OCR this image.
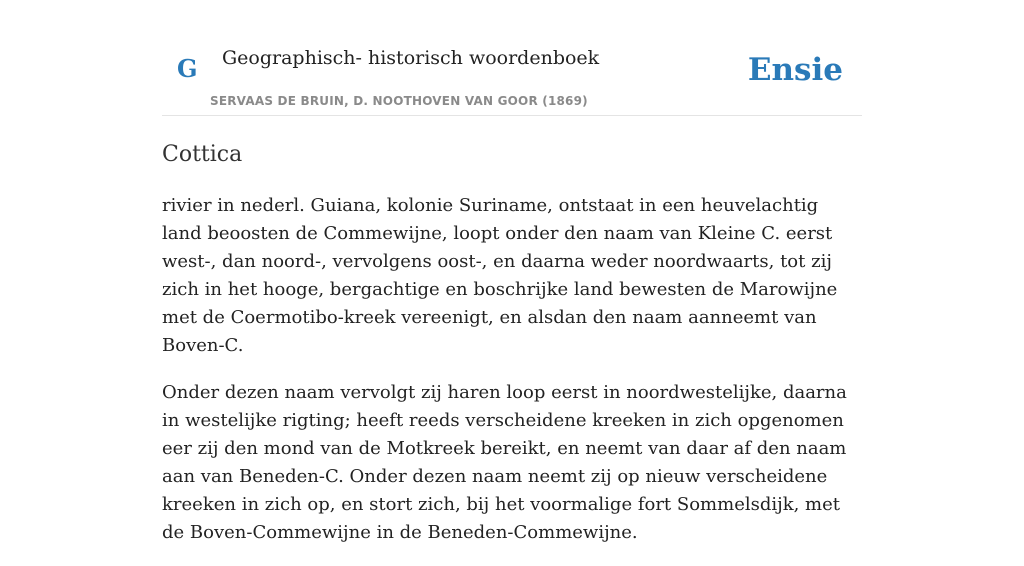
G Geographisch- historisch woordenboek
SERVAAS DE BRUIN, D. NOOTHOVEN VAN GOOR (1869)
Ensie
Cottica

rivier in nederl. Guiana, kolonie Suriname, ontstaat in een heuvelachtig land beoosten de Commewijne, loopt onder den naam van Kleine C. eerst west-, dan noord-, vervolgens oost-, en daarna weder noordwaarts, tot zij zich in het hooge, bergachtige en boschrijke land bewesten de Marowijne met de Coermotibo-kreek vereenigt, en alsdan den naam aanneemt van Boven-C.

Onder dezen naam vervolgt zij haren loop eerst in noordwestelijke, daarna in westelijke rigting; heeft reeds verscheidene kreeken in zich opgenomen eer zij den mond van de Motkreek bereikt, en neemt van daar af den naam aan van Beneden-C. Onder dezen naam neemt zij op nieuw verscheidene kreeken in zich op, en stort zich, bij het voormalige fort Sommelsdijk, met de Boven-Commewijne in de Beneden-Commewijne.
